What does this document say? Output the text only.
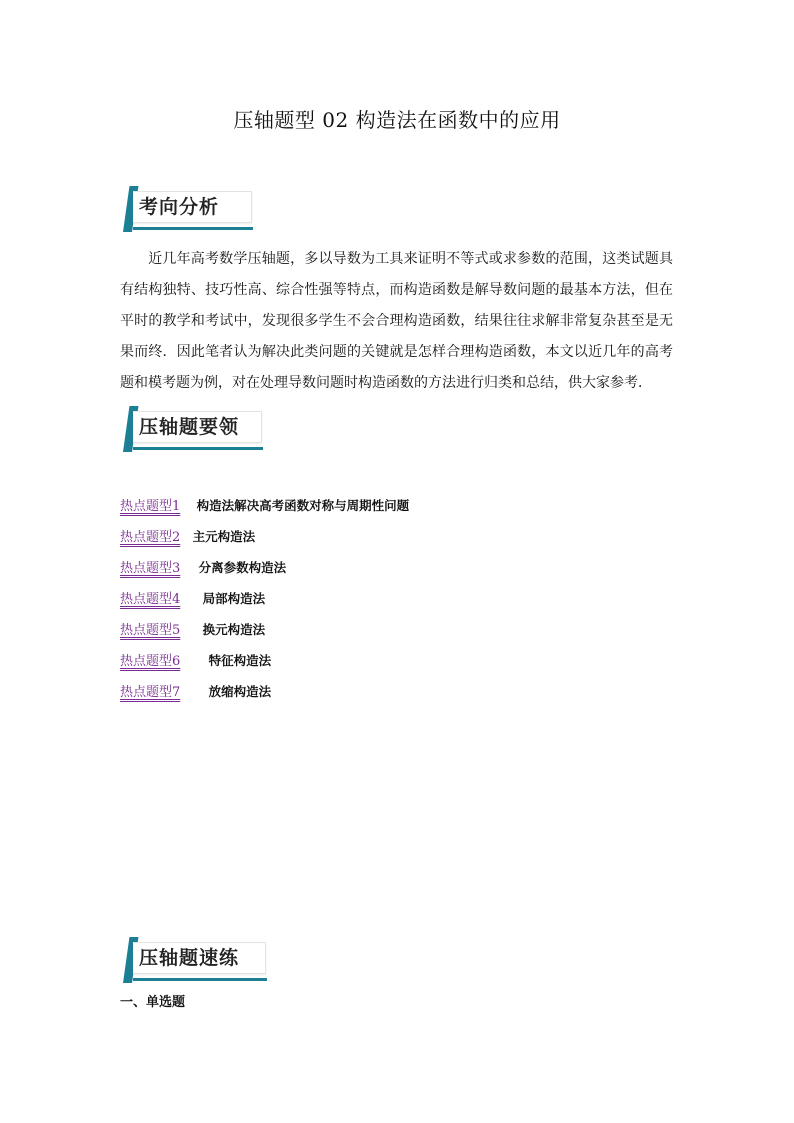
压轴题型 02 构造法在函数中的应用
考向分析

近几年高考数学压轴题，多以导数为工具来证明不等式或求参数的范围，这类试题具有结构独特、技巧性高、综合性强等特点，而构造函数是解导数问题的最基本方法，但在平时的教学和考试中，发现很多学生不会合理构造函数，结果往往求解非常复杂甚至是无果而终．因此笔者认为解决此类问题的关键就是怎样合理构造函数，本文以近几年的高考题和模考题为例，对在处理导数问题时构造函数的方法进行归类和总结，供大家参考．

压轴题要领
热点题型1 构造法解决高考函数对称与周期性问题
热点题型2 主元构造法
热点题型3 分离参数构造法
热点题型4 局部构造法
热点题型5 换元构造法
热点题型6 特征构造法
热点题型7 放缩构造法
压轴题速练
一、单选题
